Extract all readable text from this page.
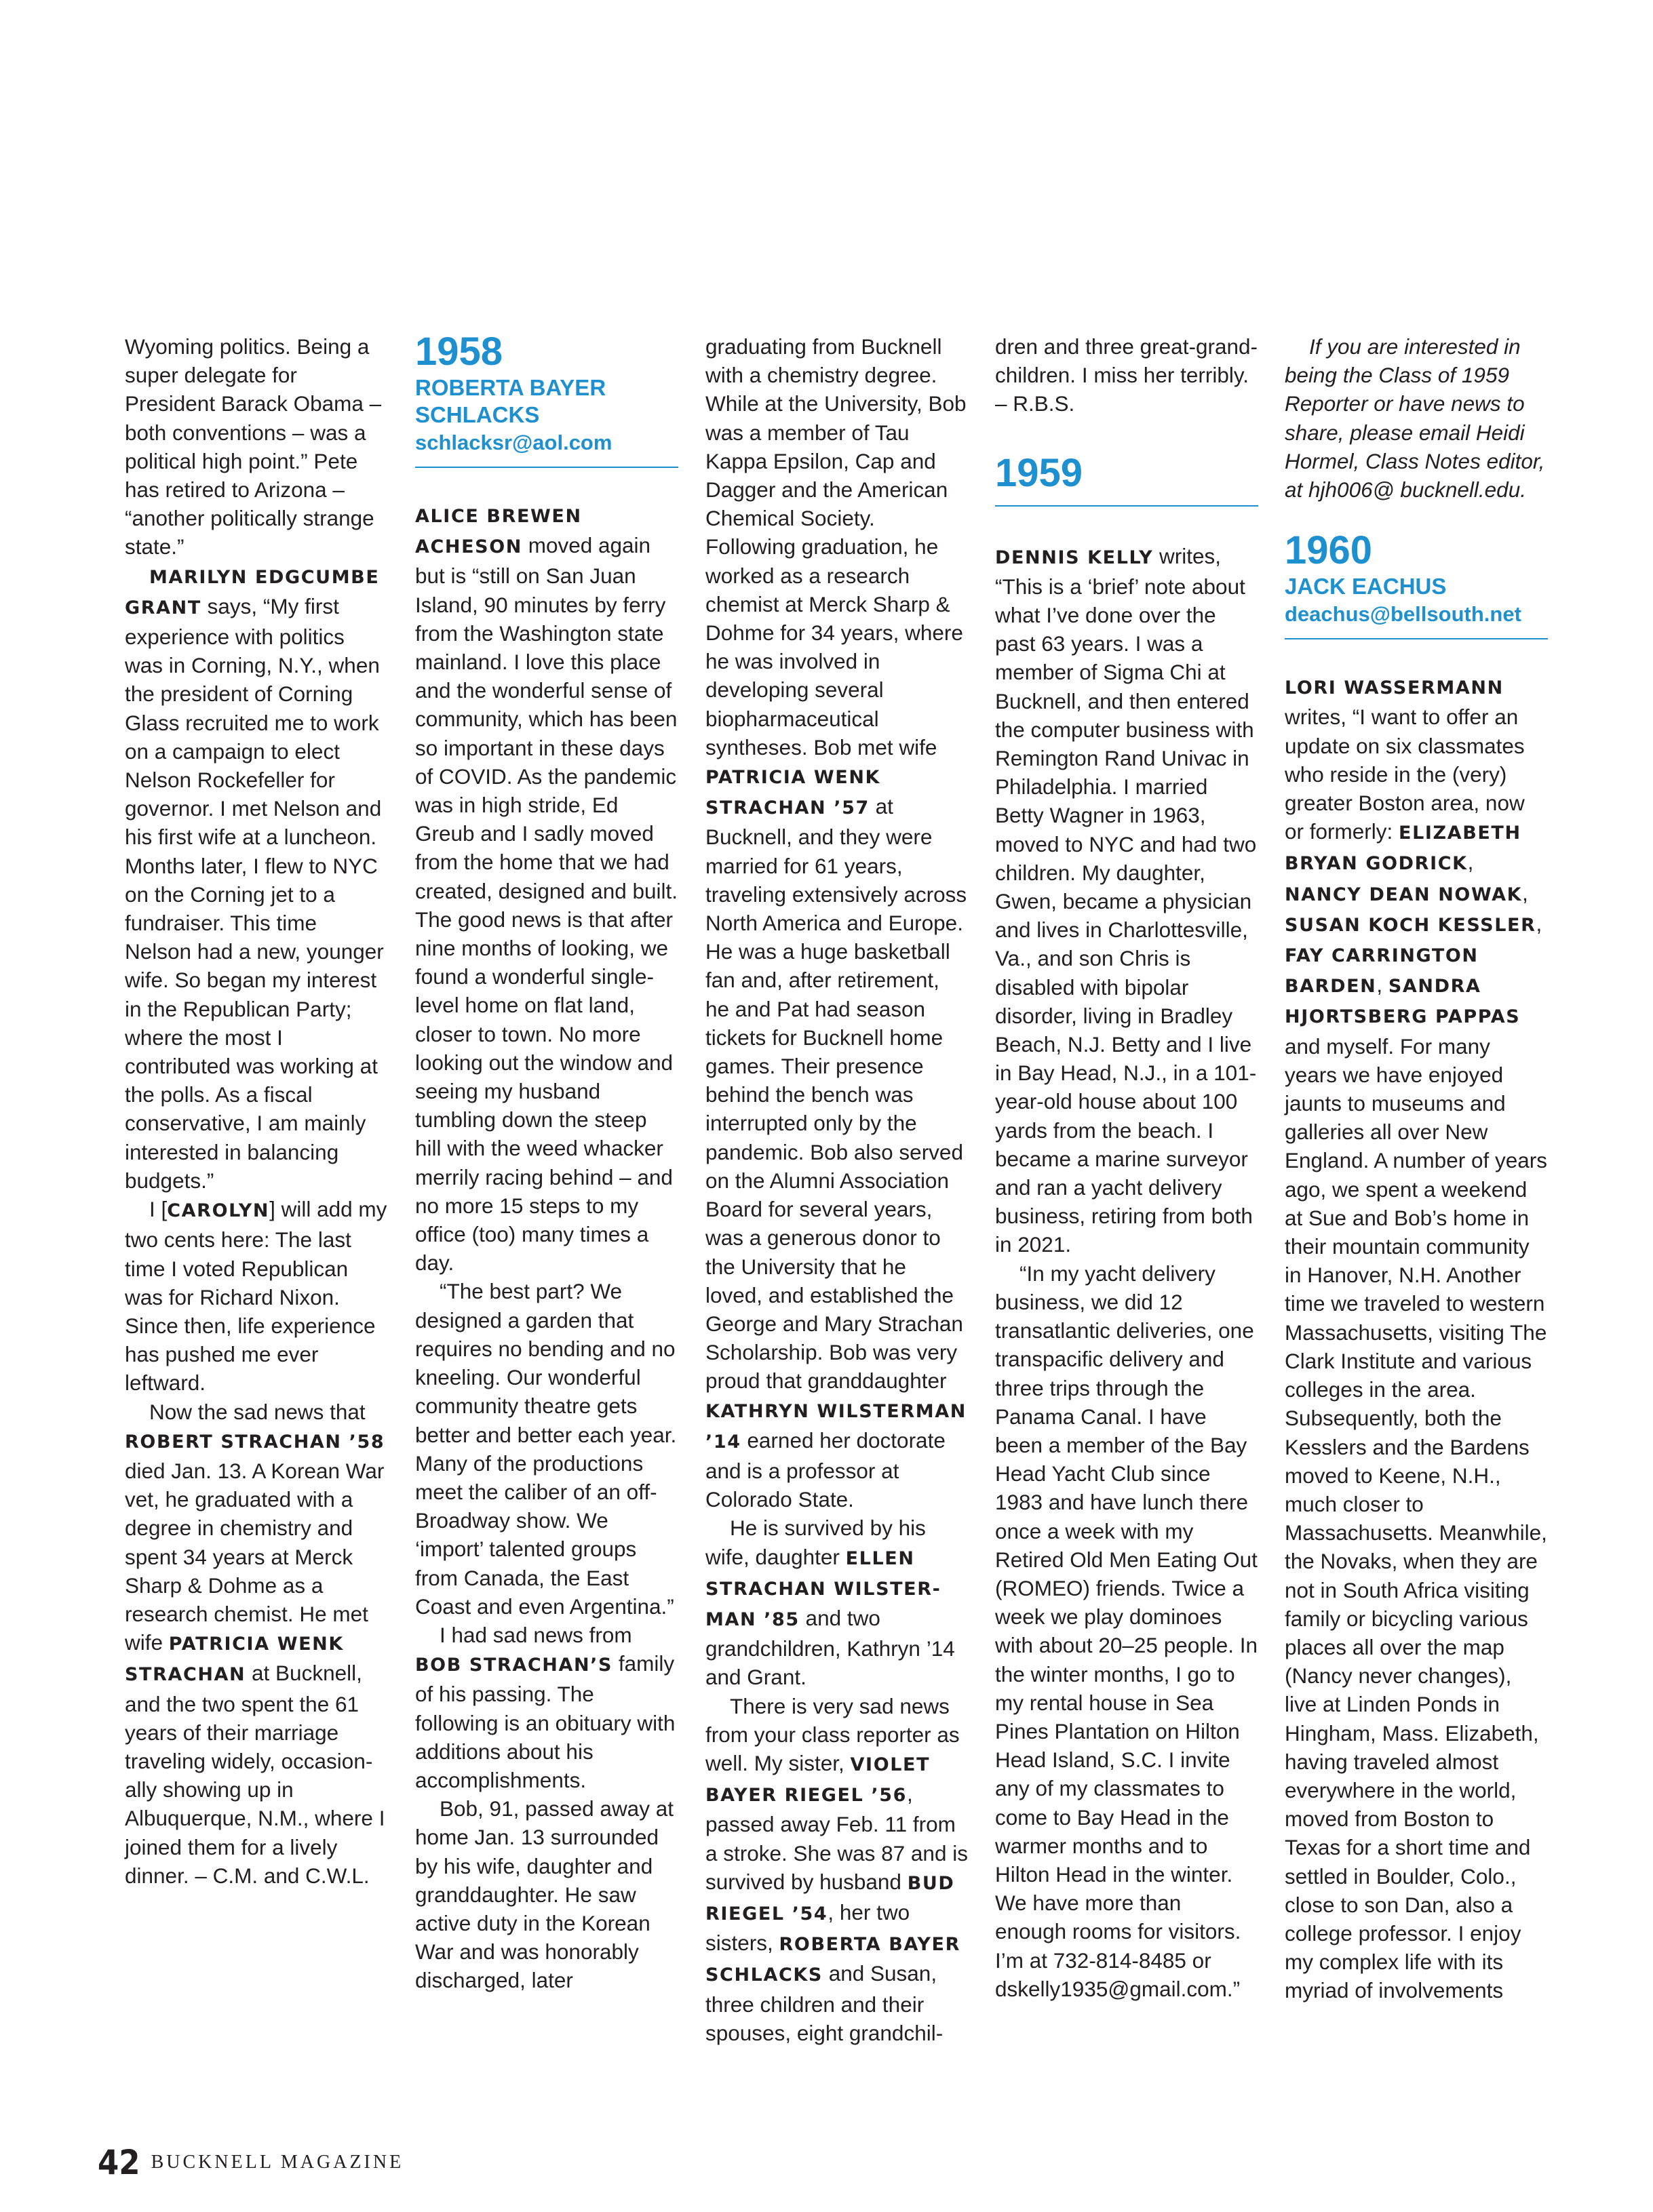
Wyoming politics. Being a super delegate for President Barack Obama – both conventions – was a political high point.” Pete has retired to Arizona – “another politically strange state.”

MARILYN EDGCUMBE GRANT says, “My first experience with politics was in Corning, N.Y., when the president of Corning Glass recruited me to work on a campaign to elect Nelson Rockefeller for governor. I met Nelson and his first wife at a luncheon. Months later, I flew to NYC on the Corning jet to a fundraiser. This time Nelson had a new, younger wife. So began my interest in the Republican Party; where the most I contributed was working at the polls. As a fiscal conservative, I am mainly interested in balancing budgets.”

I [CAROLYN] will add my two cents here: The last time I voted Republican was for Richard Nixon. Since then, life experience has pushed me ever leftward.

Now the sad news that ROBERT STRACHAN ’58 died Jan. 13. A Korean War vet, he graduated with a degree in chemistry and spent 34 years at Merck Sharp & Dohme as a research chemist. He met wife PATRICIA WENK STRACHAN at Bucknell, and the two spent the 61 years of their marriage traveling widely, occasionally showing up in Albuquerque, N.M., where I joined them for a lively dinner. – C.M. and C.W.L.

1958
ROBERTA BAYER SCHLACKS
schlacksr@aol.com

ALICE BREWEN ACHESON moved again but is “still on San Juan Island, 90 minutes by ferry from the Washington state mainland. I love this place and the wonderful sense of community, which has been so important in these days of COVID. As the pandemic was in high stride, Ed Greub and I sadly moved from the home that we had created, designed and built. The good news is that after nine months of looking, we found a wonderful single-level home on flat land, closer to town. No more looking out the window and seeing my husband tumbling down the steep hill with the weed whacker merrily racing behind – and no more 15 steps to my office (too) many times a day.

“The best part? We designed a garden that requires no bending and no kneeling. Our wonderful community theatre gets better and better each year. Many of the productions meet the caliber of an off-Broadway show. We ‘import’ talented groups from Canada, the East Coast and even Argentina.”

I had sad news from BOB STRACHAN’S family of his passing. The following is an obituary with additions about his accomplishments.

Bob, 91, passed away at home Jan. 13 surrounded by his wife, daughter and granddaughter. He saw active duty in the Korean War and was honorably discharged, later

graduating from Bucknell with a chemistry degree. While at the University, Bob was a member of Tau Kappa Epsilon, Cap and Dagger and the American Chemical Society. Following graduation, he worked as a research chemist at Merck Sharp & Dohme for 34 years, where he was involved in developing several biopharmaceutical syntheses. Bob met wife PATRICIA WENK STRACHAN ’57 at Bucknell, and they were married for 61 years, traveling extensively across North America and Europe. He was a huge basketball fan and, after retirement, he and Pat had season tickets for Bucknell home games. Their presence behind the bench was interrupted only by the pandemic. Bob also served on the Alumni Association Board for several years, was a generous donor to the University that he loved, and established the George and Mary Strachan Scholarship. Bob was very proud that granddaughter KATHRYN WILSTERMAN ’14 earned her doctorate and is a professor at Colorado State.

He is survived by his wife, daughter ELLEN STRACHAN WILSTERMAN ’85 and two grandchildren, Kathryn ’14 and Grant.

There is very sad news from your class reporter as well. My sister, VIOLET BAYER RIEGEL ’56, passed away Feb. 11 from a stroke. She was 87 and is survived by husband BUD RIEGEL ’54, her two sisters, ROBERTA BAYER SCHLACKS and Susan, three children and their spouses, eight grandchil-

dren and three great-grandchildren. I miss her terribly. – R.B.S.

1959

DENNIS KELLY writes, “This is a ‘brief’ note about what I’ve done over the past 63 years. I was a member of Sigma Chi at Bucknell, and then entered the computer business with Remington Rand Univac in Philadelphia. I married Betty Wagner in 1963, moved to NYC and had two children. My daughter, Gwen, became a physician and lives in Charlottesville, Va., and son Chris is disabled with bipolar disorder, living in Bradley Beach, N.J. Betty and I live in Bay Head, N.J., in a 101-year-old house about 100 yards from the beach. I became a marine surveyor and ran a yacht delivery business, retiring from both in 2021.

“In my yacht delivery business, we did 12 transatlantic deliveries, one transpacific delivery and three trips through the Panama Canal. I have been a member of the Bay Head Yacht Club since 1983 and have lunch there once a week with my Retired Old Men Eating Out (ROMEO) friends. Twice a week we play dominoes with about 20–25 people. In the winter months, I go to my rental house in Sea Pines Plantation on Hilton Head Island, S.C. I invite any of my classmates to come to Bay Head in the warmer months and to Hilton Head in the winter. We have more than enough rooms for visitors. I’m at 732-814-8485 or dskelly1935@gmail.com.”

If you are interested in being the Class of 1959 Reporter or have news to share, please email Heidi Hormel, Class Notes editor, at hjh006@ bucknell.edu.

1960
JACK EACHUS
deachus@bellsouth.net

LORI WASSERMANN writes, “I want to offer an update on six classmates who reside in the (very) greater Boston area, now or formerly: ELIZABETH BRYAN GODRICK, NANCY DEAN NOWAK, SUSAN KOCH KESSLER, FAY CARRINGTON BARDEN, SANDRA HJORTSBERG PAPPAS and myself. For many years we have enjoyed jaunts to museums and galleries all over New England. A number of years ago, we spent a weekend at Sue and Bob’s home in their mountain community in Hanover, N.H. Another time we traveled to western Massachusetts, visiting The Clark Institute and various colleges in the area. Subsequently, both the Kesslers and the Bardens moved to Keene, N.H., much closer to Massachusetts. Meanwhile, the Novaks, when they are not in South Africa visiting family or bicycling various places all over the map (Nancy never changes), live at Linden Ponds in Hingham, Mass. Elizabeth, having traveled almost everywhere in the world, moved from Boston to Texas for a short time and settled in Boulder, Colo., close to son Dan, also a college professor. I enjoy my complex life with its myriad of involvements

42 BUCKNELL MAGAZINE
